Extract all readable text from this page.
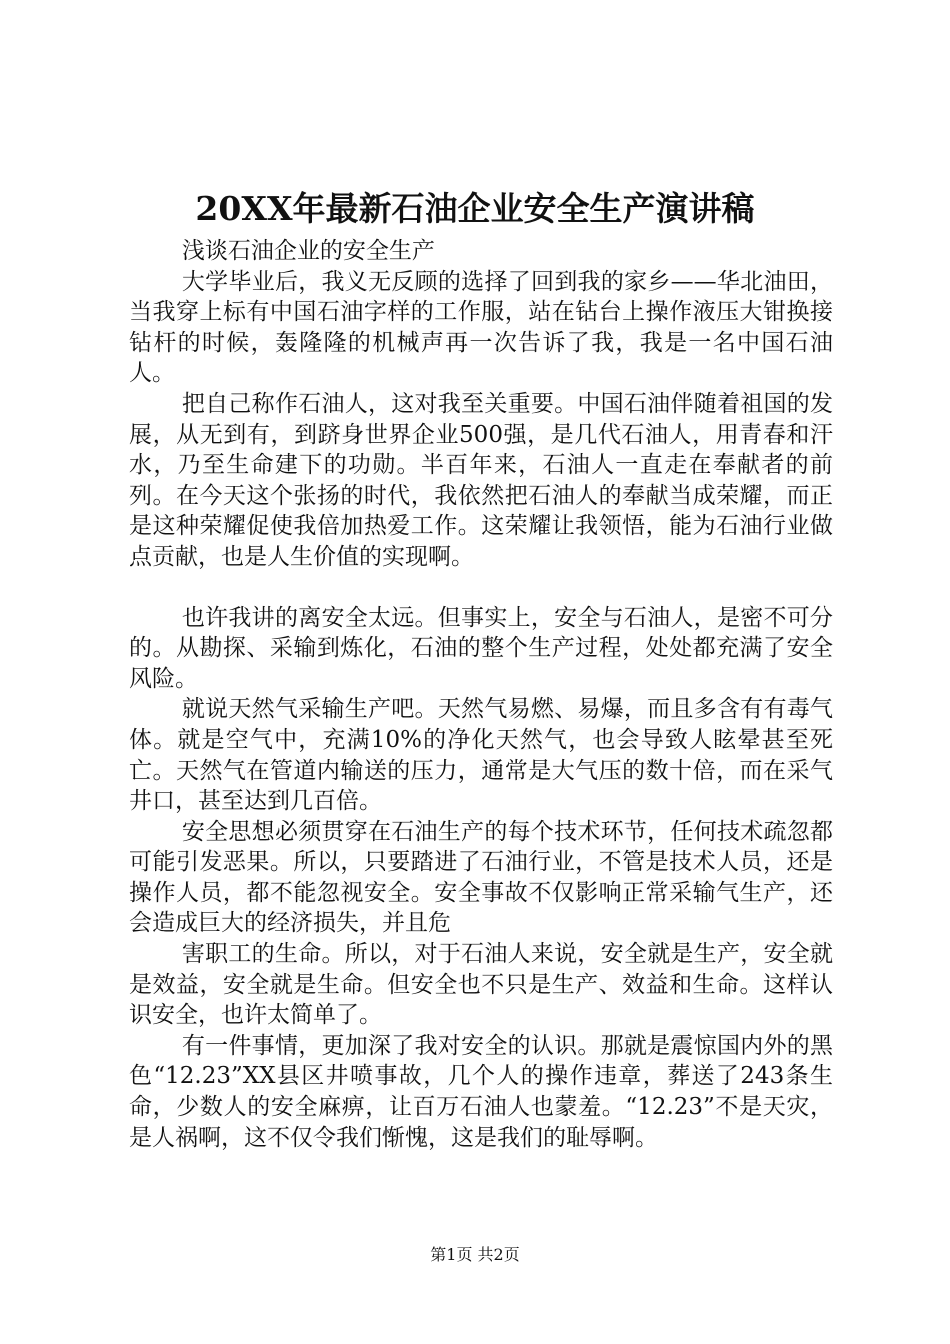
20XX年最新石油企业安全生产演讲稿

浅谈石油企业的安全生产

大学毕业后，我义无反顾的选择了回到我的家乡——华北油田，当我穿上标有中国石油字样的工作服，站在钻台上操作液压大钳换接钻杆的时候，轰隆隆的机械声再一次告诉了我，我是一名中国石油人。

把自己称作石油人，这对我至关重要。中国石油伴随着祖国的发展，从无到有，到跻身世界企业500强，是几代石油人，用青春和汗水，乃至生命建下的功勋。半百年来，石油人一直走在奉献者的前列。在今天这个张扬的时代，我依然把石油人的奉献当成荣耀，而正是这种荣耀促使我倍加热爱工作。这荣耀让我领悟，能为石油行业做点贡献，也是人生价值的实现啊。

也许我讲的离安全太远。但事实上，安全与石油人，是密不可分的。从勘探、采输到炼化，石油的整个生产过程，处处都充满了安全风险。

就说天然气采输生产吧。天然气易燃、易爆，而且多含有有毒气体。就是空气中，充满10%的净化天然气，也会导致人眩晕甚至死亡。天然气在管道内输送的压力，通常是大气压的数十倍，而在采气井口，甚至达到几百倍。

安全思想必须贯穿在石油生产的每个技术环节，任何技术疏忽都可能引发恶果。所以，只要踏进了石油行业，不管是技术人员，还是操作人员，都不能忽视安全。安全事故不仅影响正常采输气生产，还会造成巨大的经济损失，并且危

害职工的生命。所以，对于石油人来说，安全就是生产，安全就是效益，安全就是生命。但安全也不只是生产、效益和生命。这样认识安全，也许太简单了。

有一件事情，更加深了我对安全的认识。那就是震惊国内外的黑色“12.23”XX县区井喷事故，几个人的操作违章，葬送了243条生命，少数人的安全麻痹，让百万石油人也蒙羞。“12.23”不是天灾，是人祸啊，这不仅令我们惭愧，这是我们的耻辱啊。

第1页 共2页
